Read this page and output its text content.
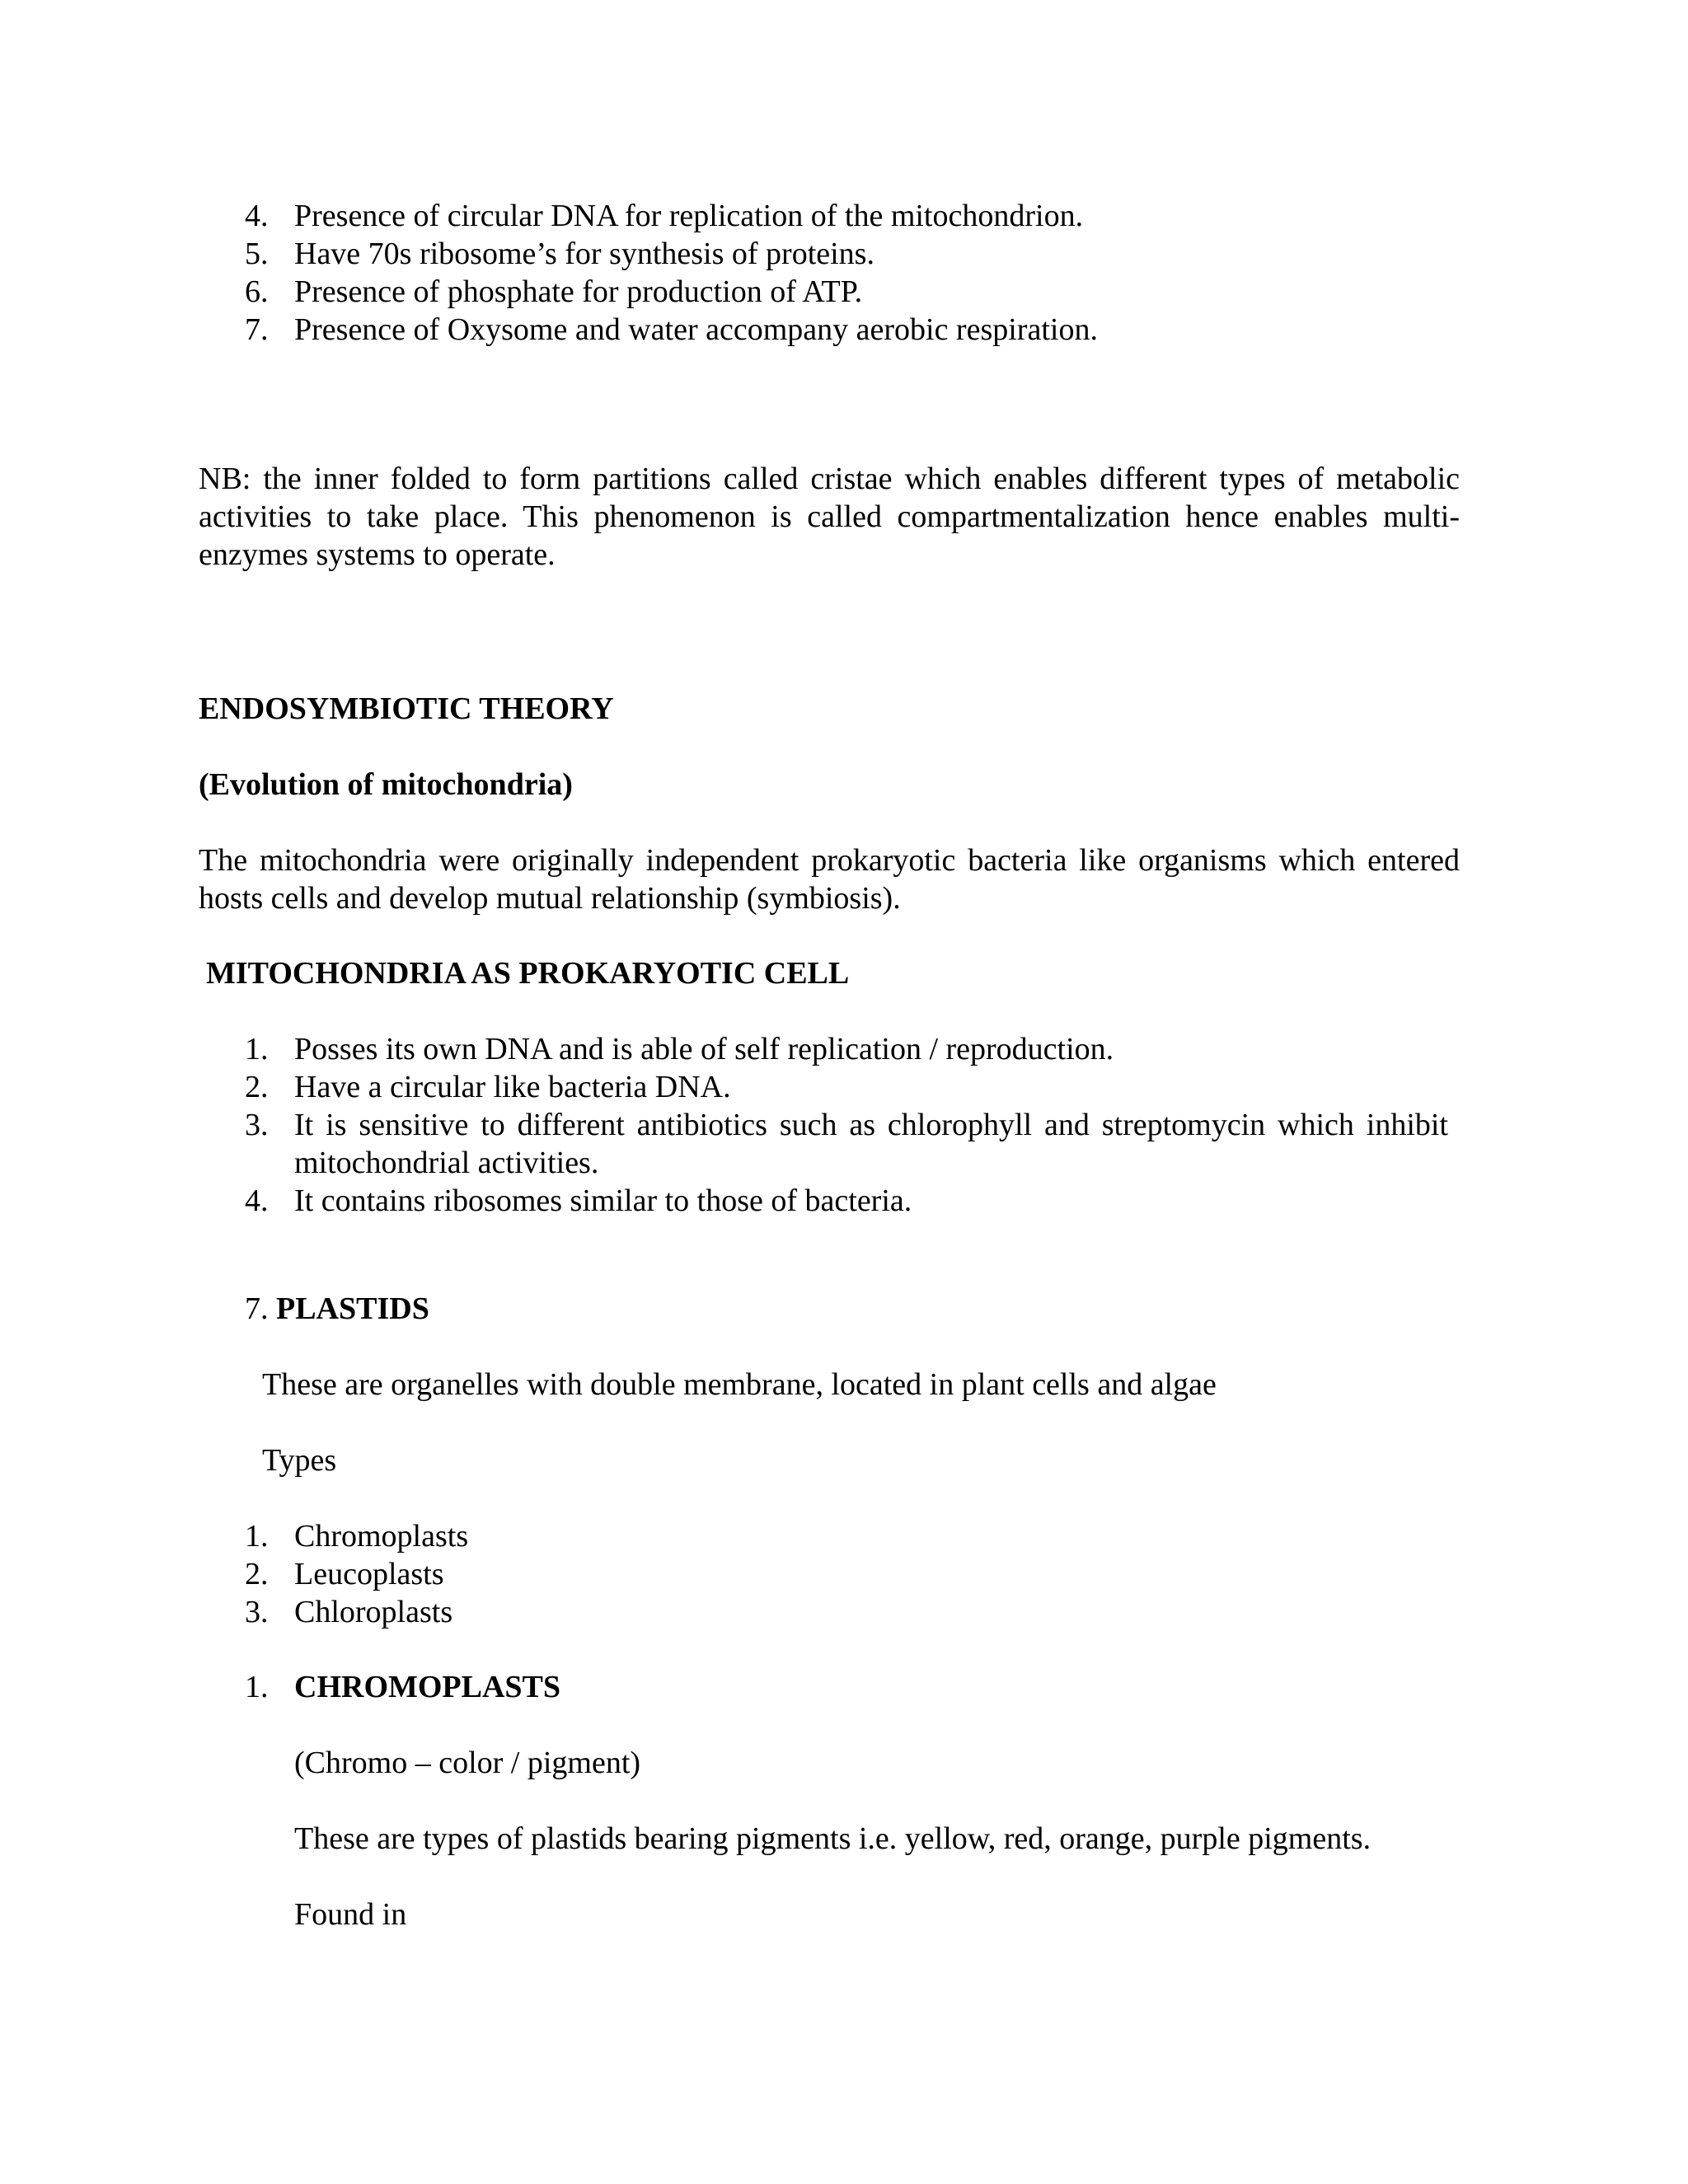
4. Presence of circular DNA for replication of the mitochondrion.
5. Have 70s ribosome’s for synthesis of proteins.
6. Presence of phosphate for production of ATP.
7. Presence of Oxysome and water accompany aerobic respiration.
NB: the inner folded to form partitions called cristae which enables different types of metabolic activities to take place. This phenomenon is called compartmentalization hence enables multi-enzymes systems to operate.
ENDOSYMBIOTIC THEORY
(Evolution of mitochondria)
The mitochondria were originally independent prokaryotic bacteria like organisms which entered hosts cells and develop mutual relationship (symbiosis).
MITOCHONDRIA AS PROKARYOTIC CELL
1. Posses its own DNA and is able of self replication / reproduction.
2. Have a circular like bacteria DNA.
3. It is sensitive to different antibiotics such as chlorophyll and streptomycin which inhibit mitochondrial activities.
4. It contains ribosomes similar to those of bacteria.
7. PLASTIDS
These are organelles with double membrane, located in plant cells and algae
Types
1. Chromoplasts
2. Leucoplasts
3. Chloroplasts
1. CHROMOPLASTS
(Chromo – color / pigment)
These are types of plastids bearing pigments i.e. yellow, red, orange, purple pigments.
Found in
